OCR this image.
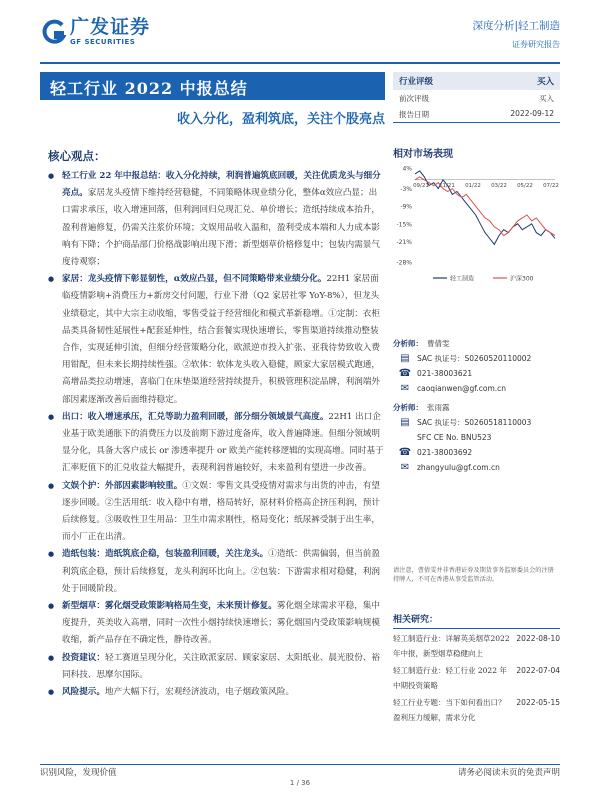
广发证券
GF SECURITIES
深度分析|轻工制造
证券研究报告
轻工行业 2022 中报总结
收入分化，盈利筑底，关注个股亮点
行业评级	买入
前次评级	买入
报告日期	2022-09-12
核心观点：
● 轻工行业 22 年中报总结：收入分化持续，利润普遍筑底回暖，关注优质龙头与细分亮点。家居龙头疫情下维持经营稳健，不同策略体现业绩分化，整体α效应凸显；出口需求承压，收入增速回落，但利润回归兑现汇兑、单价增长；造纸持续成本抬升，盈利普遍修复，仍需关注浆价环境；文娱用品收入温和，盈利受成本端和人力成本影响有下降；个护商品部门价格战影响出现下滑；新型烟草价格修复中；包装内需景气度待观察；
● 家居：龙头疫情下彰显韧性，α效应凸显，但不同策略带来业绩分化。22H1 家居面临疫情影响+消费压力+新房交付问题，行业下滑（Q2 家居社零 YoY-8%），但龙头业绩稳定，其中大宗主动收缩，零售受益于经营细化和模式革新稳增。①定制：衣柜品类具备韧性延展性+配套延伸性，结合套餐实现快速增长，零售渠道持续推动整装合作，实现延伸引流，但细分经营策略分化，欧派逆市投入扩张、亚我待势致收入费用钳配，但未来长期持续性强。②软体：软体龙头收入稳健，顾家大家居模式跑通，高增品类拉动增速，喜临门在床垫渠道经营持续提升，积极管理积淀品牌，利润端外部因素逐渐改善后面维持稳定。
● 出口：收入增速承压，汇兑等助力盈利回暖，部分细分领域景气高度。22H1 出口企业基于欧美通胀下的消费压力以及前期下游过度备库，收入普遍降速。但细分领域明显分化，具备大客户成长 or 渗透率提升 or 欧美产能转移逻辑的实现高增。同时基于汇率贬值下的汇兑收益大幅提升，表现利润普遍较好，未来盈利有望进一步改善。
● 文娱个护：外部因素影响较重。①文娱：零售文具受疫情对需求与出货的冲击，有望逐步回暖。②生活用纸：收入稳中有增，格局转好，原材料价格高企挤压利润，预计后续修复。③吸收性卫生用品：卫生巾需求刚性，格局变化；纸尿裤受制于出生率，而小厂正在出清。
● 造纸包装：造纸筑底企稳，包装盈利回暖，关注龙头。①造纸：供需偏弱，但当前盈利筑底企稳，预计后续修复，龙头利润环比向上。②包装：下游需求相对稳健，利润处于回暖阶段。
● 新型烟草：雾化烟受政策影响格局生变，未来预计修复。雾化烟全球需求平稳，集中度提升，英美收入高增，同时一次性小烟持续快速增长；雾化烟国内受政策影响规模收缩，新产品存在不确定性，静待改善。
● 投资建议：轻工赛道呈现分化，关注欧派家居、顾家家居、太阳纸业、晨光股份、裕同科技、思摩尔国际。
● 风险提示。地产大幅下行，宏观经济波动，电子烟政策风险。
相对市场表现
4%
-3%
-9%
-15%
-21%
-28%
09/21 11/21 01/22 03/22 05/22 07/22
轻工制造	沪深300
分析师： 曹倩雯
▤ SAC 执证号：S0260520110002
☎ 021-38003621
✉	caoqianwen@gf.com.cn
分析师： 张雨露
▤ SAC 执证号：S0260518110003
SFC CE No. BNU523
☎ 021-38003692
✉	zhangyulu@gf.com.cn
请注意，曹倩雯并非香港证券及期货事务监察委员会的注册持牌人，不可在香港从事受监管活动。
相关研究：
轻工制造行业：详解英美烟草2022年中报，新型烟草稳健向上
2022-08-10
轻工制造行业：轻工行业 2022 年中期投资策略
2022-07-04
轻工行业专题：当下如何看出口？盈利压力缓解，需求分化
2022-05-15
识别风险，发现价值	请务必阅读末页的免责声明
1 / 36
